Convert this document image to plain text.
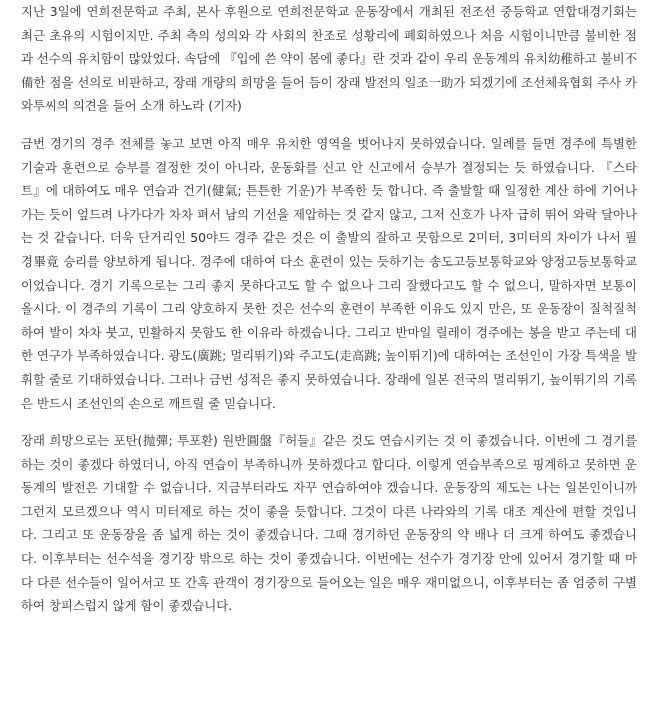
지난 3일에 연희전문학교 주최, 본사 후원으로 연희전문학교 운동장에서 개최된 전조선 중등학교 연합대경기회는 최근 초유의 시험이지만. 주최 측의 성의와 각 사회의 찬조로 성황리에 폐회하였으나 처음 시험이니만큼 불비한 점과 선수의 유치함이 많았었다. 속담에 『입에 쓴 약이 몸에 좋다』란 것과 같이 우리 운동계의 유치幼稚하고 불비不備한 점을 선의로 비판하고, 장래 개량의 희망을 들어 듬이 장래 발전의 일조一助가 되겠기에 조선체육협회 주사 카와투씨의 의견을 들어 소개 하노라 (기자)

금번 경기의 경주 전체를 놓고 보면 아직 매우 유치한 영역을 벗어나지 못하였습니다. 일례를 들면 경주에 특별한 기술과 훈련으로 승부를 결정한 것이 아니라, 운동화를 신고 안 신고에서 승부가 결정되는 듯 하였습니다. 『스타트』에 대하여도 매우 연습과 건기(健氣; 튼튼한 기운)가 부족한 듯 합니다. 즉 출발할 때 일정한 계산 하에 기어나가는 듯이 엎드려 나가다가 차차 펴서 남의 기선을 제압하는 것 같지 않고, 그저 신호가 나자 급히 뛰어 와락 달아나는 것 같습니다. 더욱 단거리인 50야드 경주 같은 것은 이 출발의 잘하고 못함으로 2미터, 3미터의 차이가 나서 필경畢竟 승리를 양보하게 됩니다. 경주에 대하여 다소 훈련이 있는 듯하기는 송도고등보통학교와 양정고등보통학교 이었습니다. 경기 기록으로는 그리 좋지 못하다고도 할 수 없으나 그리 잘했다고도 할 수 없으니, 말하자면 보통이올시다. 이 경주의 기록이 그리 양호하지 못한 것은 선수의 훈련이 부족한 이유도 있지 만은, 또 운동장이 질척질척하여 발이 차차 붓고, 민활하지 못함도 한 이유라 하겠습니다. 그리고 반마일 릴레이 경주에는 봉을 받고 주는데 대한 연구가 부족하였습니다. 광도(廣跳; 멀리뛰기)와 주고도(走高跳; 높이뛰기)에 대하여는 조선인이 가장 특색을 발휘할 줄로 기대하였습니다. 그러나 금번 성적은 좋지 못하였습니다. 장래에 일본 전국의 멀리뛰기, 높이뛰기의 기록은 반드시 조선인의 손으로 깨트릴 줄 믿습니다.

장래 희망으로는 포탄(抛彈; 투포환) 원반圓盤『허들』같은 것도 연습시키는 것 이 좋겠습니다. 이번에 그 경기를 하는 것이 좋겠다 하였더니, 아직 연습이 부족하니까 못하겠다고 합디다. 이렇게 연습부족으로 핑계하고 못하면 운동계의 발전은 기대할 수 없습니다. 지금부터라도 자꾸 연습하여야 겠습니다. 운동장의 제도는 나는 일본인이니까 그런지 모르겠으나 역시 미터제로 하는 것이 좋을 듯합니다. 그것이 다른 나라와의 기록 대조 계산에 편할 것입니다. 그리고 또 운동장을 좀 넓게 하는 것이 좋겠습니다. 그때 경기하던 운동장의 약 배나 더 크게 하여도 좋겠습니다. 이후부터는 선수석을 경기장 밖으로 하는 것이 좋겠습니다. 이번에는 선수가 경기장 안에 있어서 경기할 때 마다 다른 선수들이 일어서고 또 간혹 관객이 경기장으로 들어오는 일은 매우 재미없으니, 이후부터는 좀 엄중히 구별하여 창피스럽지 않게 함이 좋겠습니다.
